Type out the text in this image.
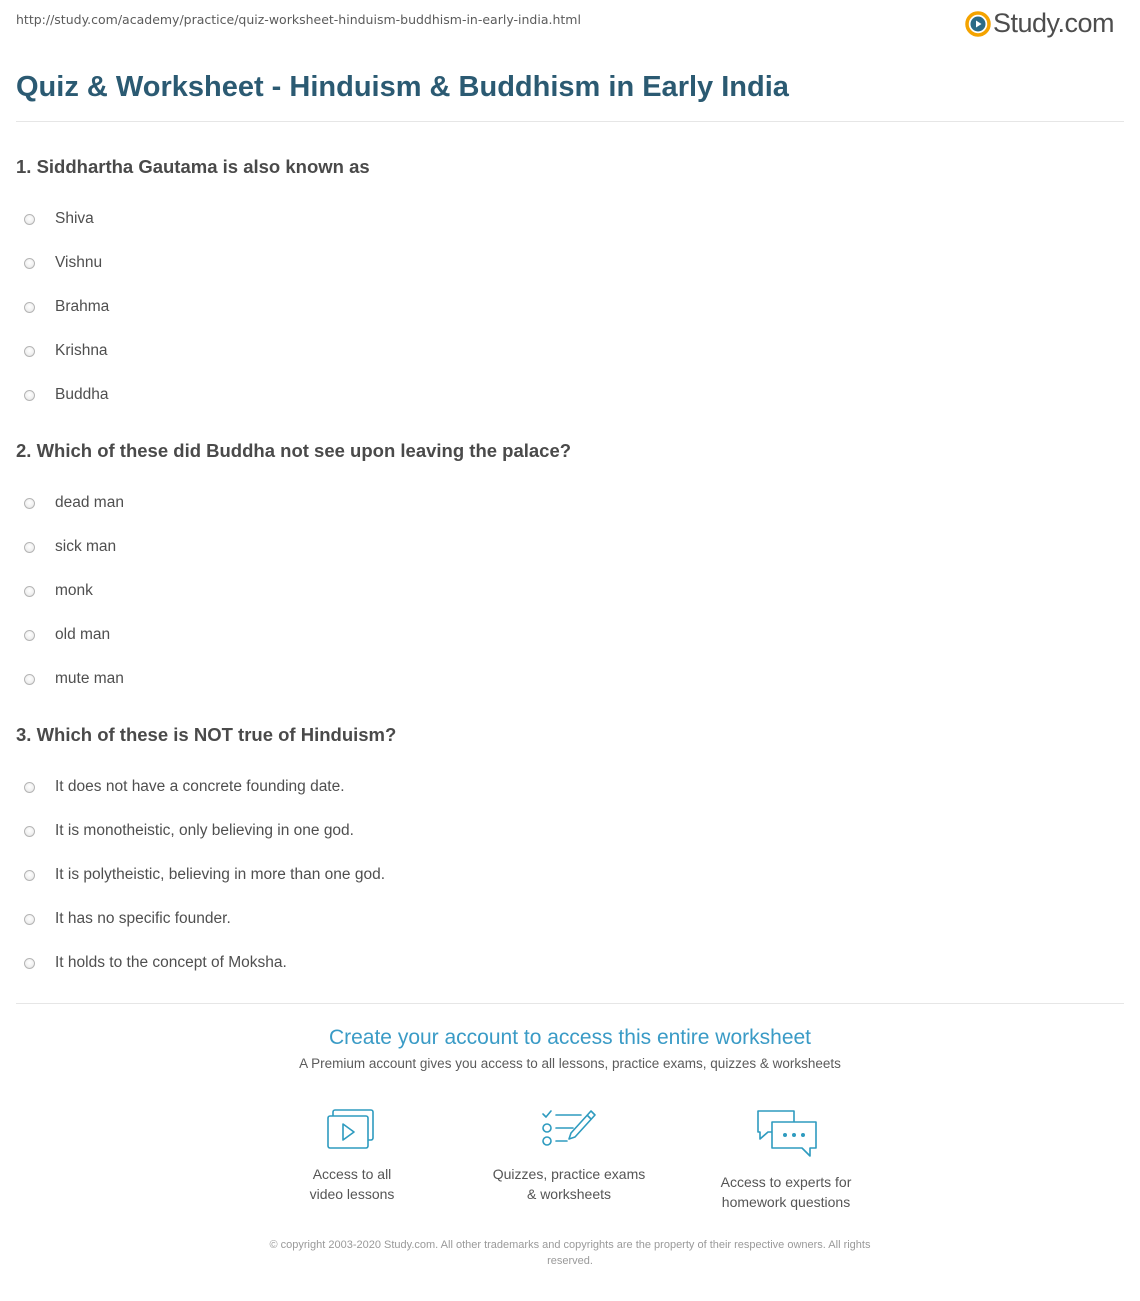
http://study.com/academy/practice/quiz-worksheet-hinduism-buddhism-in-early-india.html	Study.com
Quiz & Worksheet - Hinduism & Buddhism in Early India
1. Siddhartha Gautama is also known as
Shiva
Vishnu
Brahma
Krishna
Buddha
2. Which of these did Buddha not see upon leaving the palace?
dead man
sick man
monk
old man
mute man
3. Which of these is NOT true of Hinduism?
It does not have a concrete founding date.
It is monotheistic, only believing in one god.
It is polytheistic, believing in more than one god.
It has no specific founder.
It holds to the concept of Moksha.
Create your account to access this entire worksheet
A Premium account gives you access to all lessons, practice exams, quizzes & worksheets
Access to all
video lessons
Quizzes, practice exams
& worksheets
Access to experts for
homework questions
© copyright 2003-2020 Study.com. All other trademarks and copyrights are the property of their respective owners. All rights
reserved.
